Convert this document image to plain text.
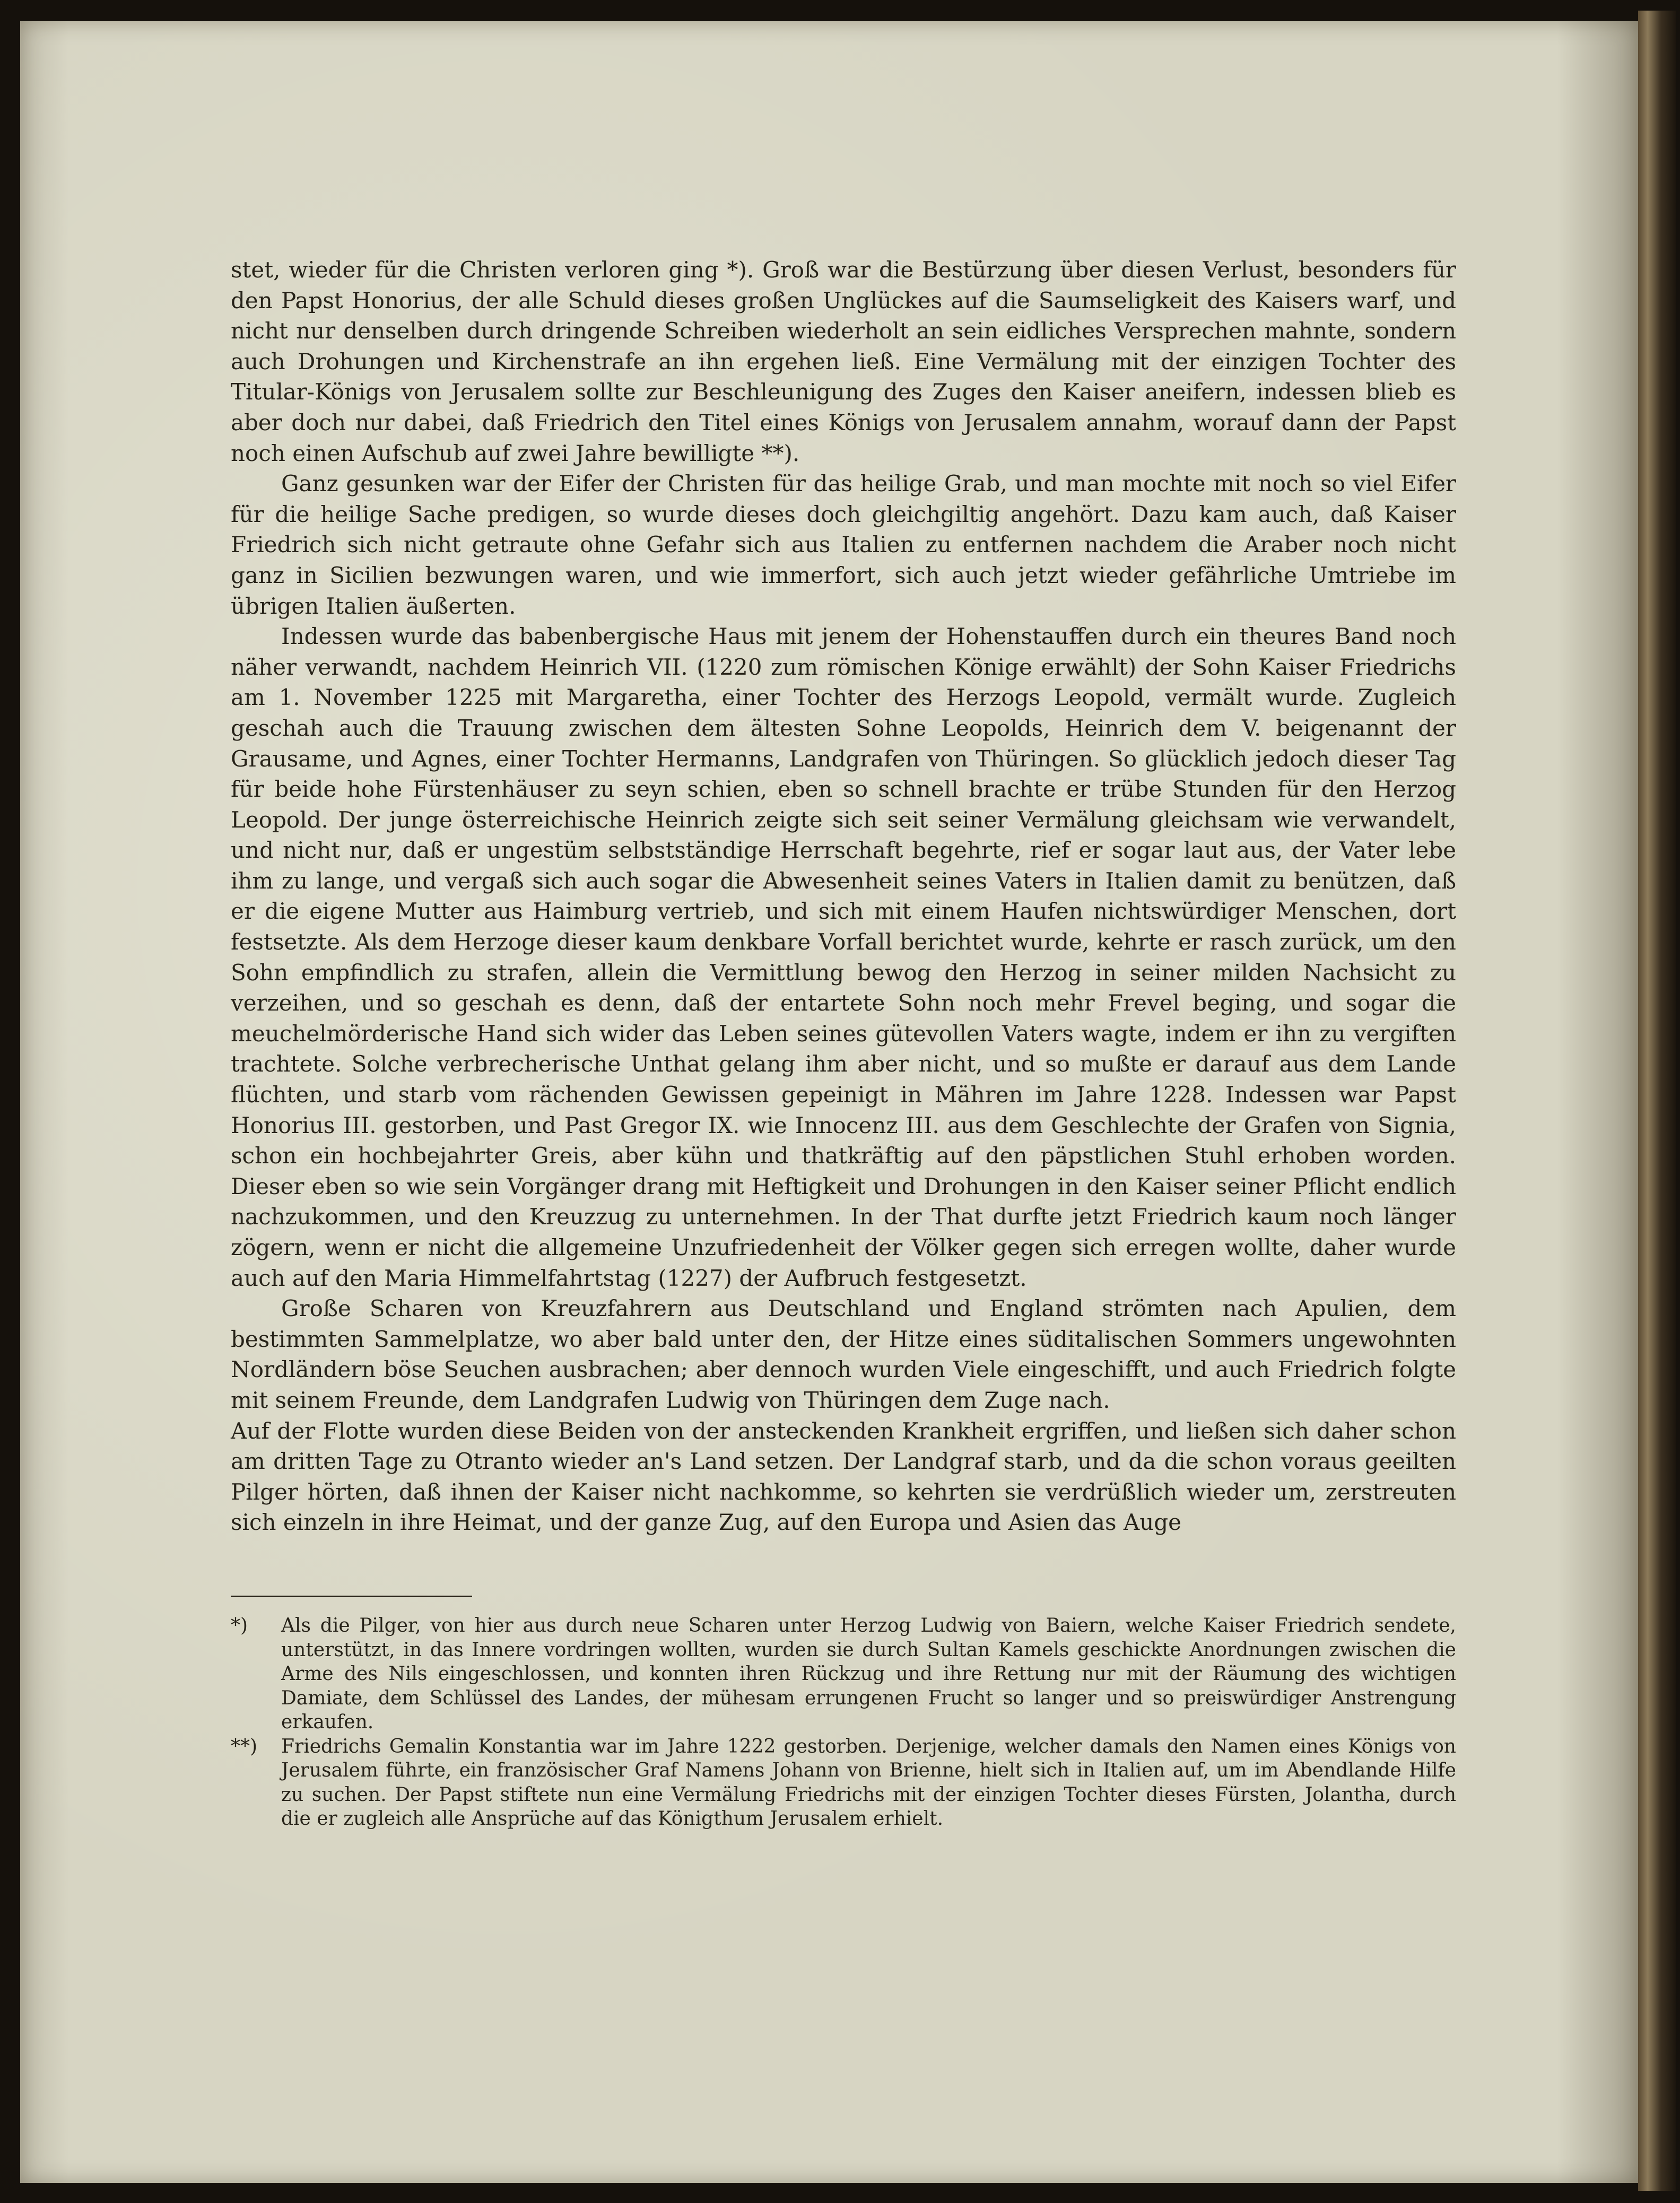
stet, wieder für die Christen verloren ging *). Groß war die Bestürzung über diesen Verlust, besonders für den Papst Honorius, der alle Schuld dieses großen Unglückes auf die Saumseligkeit des Kaisers warf, und nicht nur denselben durch dringende Schreiben wiederholt an sein eidliches Versprechen mahnte, sondern auch Drohungen und Kirchenstrafe an ihn ergehen ließ. Eine Vermälung mit der einzigen Tochter des Titular-Königs von Jerusalem sollte zur Beschleunigung des Zuges den Kaiser aneifern, indessen blieb es aber doch nur dabei, daß Friedrich den Titel eines Königs von Jerusalem annahm, worauf dann der Papst noch einen Aufschub auf zwei Jahre bewilligte **).

Ganz gesunken war der Eifer der Christen für das heilige Grab, und man mochte mit noch so viel Eifer für die heilige Sache predigen, so wurde dieses doch gleichgiltig angehört. Dazu kam auch, daß Kaiser Friedrich sich nicht getraute ohne Gefahr sich aus Italien zu entfernen nachdem die Araber noch nicht ganz in Sicilien bezwungen waren, und wie immerfort, sich auch jetzt wieder gefährliche Umtriebe im übrigen Italien äußerten.

Indessen wurde das babenbergische Haus mit jenem der Hohenstauffen durch ein theures Band noch näher verwandt, nachdem Heinrich VII. (1220 zum römischen Könige erwählt) der Sohn Kaiser Friedrichs am 1. November 1225 mit Margaretha, einer Tochter des Herzogs Leopold, vermält wurde. Zugleich geschah auch die Trauung zwischen dem ältesten Sohne Leopolds, Heinrich dem V. beigenannt der Grausame, und Agnes, einer Tochter Hermanns, Landgrafen von Thüringen. So glücklich jedoch dieser Tag für beide hohe Fürstenhäuser zu seyn schien, eben so schnell brachte er trübe Stunden für den Herzog Leopold. Der junge österreichische Heinrich zeigte sich seit seiner Vermälung gleichsam wie verwandelt, und nicht nur, daß er ungestüm selbstständige Herrschaft begehrte, rief er sogar laut aus, der Vater lebe ihm zu lange, und vergaß sich auch sogar die Abwesenheit seines Vaters in Italien damit zu benützen, daß er die eigene Mutter aus Haimburg vertrieb, und sich mit einem Haufen nichtswürdiger Menschen, dort festsetzte. Als dem Herzoge dieser kaum denkbare Vorfall berichtet wurde, kehrte er rasch zurück, um den Sohn empfindlich zu strafen, allein die Vermittlung bewog den Herzog in seiner milden Nachsicht zu verzeihen, und so geschah es denn, daß der entartete Sohn noch mehr Frevel beging, und sogar die meuchelmörderische Hand sich wider das Leben seines gütevollen Vaters wagte, indem er ihn zu vergiften trachtete. Solche verbrecherische Unthat gelang ihm aber nicht, und so mußte er darauf aus dem Lande flüchten, und starb vom rächenden Gewissen gepeinigt in Mähren im Jahre 1228. Indessen war Papst Honorius III. gestorben, und Past Gregor IX. wie Innocenz III. aus dem Geschlechte der Grafen von Signia, schon ein hochbejahrter Greis, aber kühn und thatkräftig auf den päpstlichen Stuhl erhoben worden. Dieser eben so wie sein Vorgänger drang mit Heftigkeit und Drohungen in den Kaiser seiner Pflicht endlich nachzukommen, und den Kreuzzug zu unternehmen. In der That durfte jetzt Friedrich kaum noch länger zögern, wenn er nicht die allgemeine Unzufriedenheit der Völker gegen sich erregen wollte, daher wurde auch auf den Maria Himmelfahrtstag (1227) der Aufbruch festgesetzt.

Große Scharen von Kreuzfahrern aus Deutschland und England strömten nach Apulien, dem bestimmten Sammelplatze, wo aber bald unter den, der Hitze eines süditalischen Sommers ungewohnten Nordländern böse Seuchen ausbrachen; aber dennoch wurden Viele eingeschifft, und auch Friedrich folgte mit seinem Freunde, dem Landgrafen Ludwig von Thüringen dem Zuge nach.

Auf der Flotte wurden diese Beiden von der ansteckenden Krankheit ergriffen, und ließen sich daher schon am dritten Tage zu Otranto wieder an's Land setzen. Der Landgraf starb, und da die schon voraus geeilten Pilger hörten, daß ihnen der Kaiser nicht nachkomme, so kehrten sie verdrüßlich wieder um, zerstreuten sich einzeln in ihre Heimat, und der ganze Zug, auf den Europa und Asien das Auge

*) Als die Pilger, von hier aus durch neue Scharen unter Herzog Ludwig von Baiern, welche Kaiser Friedrich sendete, unterstützt, in das Innere vordringen wollten, wurden sie durch Sultan Kamels geschickte Anordnungen zwischen die Arme des Nils eingeschlossen, und konnten ihren Rückzug und ihre Rettung nur mit der Räumung des wichtigen Damiate, dem Schlüssel des Landes, der mühesam errungenen Frucht so langer und so preiswürdiger Anstrengung erkaufen.
**) Friedrichs Gemalin Konstantia war im Jahre 1222 gestorben. Derjenige, welcher damals den Namen eines Königs von Jerusalem führte, ein französischer Graf Namens Johann von Brienne, hielt sich in Italien auf, um im Abendlande Hilfe zu suchen. Der Papst stiftete nun eine Vermälung Friedrichs mit der einzigen Tochter dieses Fürsten, Jolantha, durch die er zugleich alle Ansprüche auf das Königthum Jerusalem erhielt.
